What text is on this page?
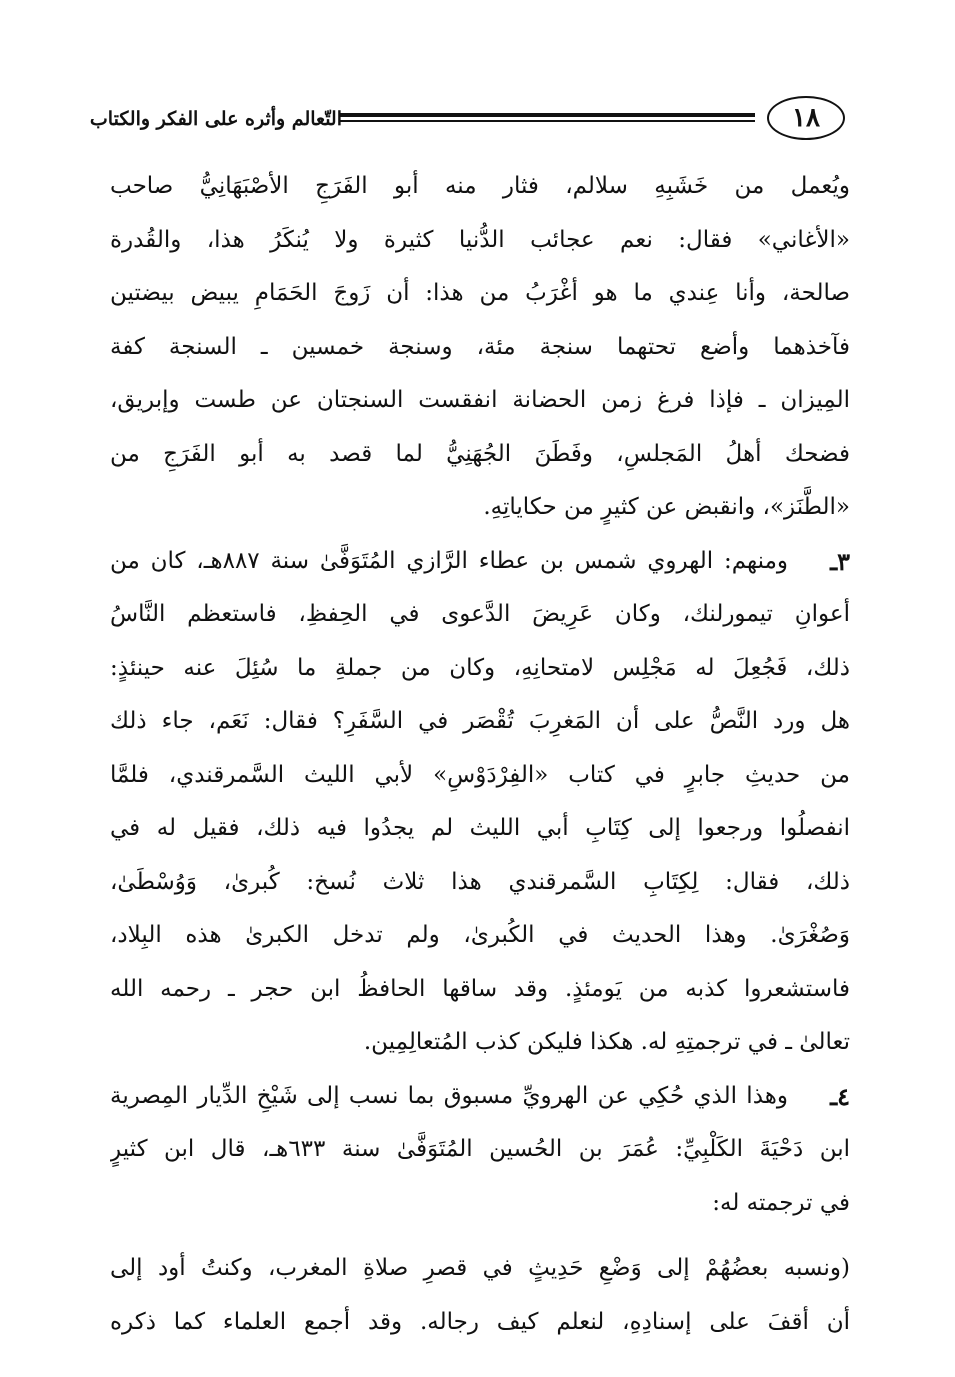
١٨
التّعالم وأثره على الفكر والكتاب
ويُعمل من خَشَبِهِ سلالم، فثار منه أبو الفَرَجِ الأصْبَهَانِيُّ صاحب
«الأغاني» فقال: نعم عجائب الدُّنيا كثيرة ولا يُنكَرُ هذا، والقُدرة
صالحة، وأنا عِندي ما هو أغْرَبُ من هذا: أن زَوجَ الحَمَامِ يبيض بيضتين
فآخذهما وأضع تحتهما سنجة مئة، وسنجة خمسين ـ السنجة كفة
المِيزان ـ فإذا فرغ زمن الحضانة انفقست السنجتان عن طست وإبريق،
فضحك أهلُ المَجلسِ، وفَطَنَ الجُهَنِيُّ لما قصد به أبو الفَرَجِ من
«الطَّنَز»، وانقبض عن كثيرٍ من حكاياتِهِ.
٣ـ
ومنهم: الهروي شمس بن عطاء الرَّازي المُتَوَفَّىٰ سنة ٨٨٧هـ، كان من
أعوانِ تيمورلنك، وكان عَرِيضَ الدَّعوى في الحِفظِ، فاستعظم النَّاسُ
ذلك، فَجُعِلَ له مَجْلِس لامتحانِهِ، وكان من جملةِ ما سُئِلَ عنه حينئذٍ:
هل ورد النَّصُّ على أن المَغرِبَ تُقْصَر في السَّفَرِ؟ فقال: نَعَم، جاء ذلك
من حديثِ جابرٍ في كتاب «الفِرْدَوْسِ» لأبي الليث السَّمرقندي، فلمَّا
انفصلُوا ورجعوا إلى كِتَابِ أبي الليث لم يجدُوا فيه ذلك، فقيل له في
ذلك، فقال: لِكِتَابِ السَّمرقندي هذا ثلاث نُسخ: كُبرىٰ، وَوُسْطَىٰ،
وَصُغْرَىٰ. وهذا الحديث في الكُبرىٰ، ولم تدخل الكبرىٰ هذه البِلاد،
فاستشعروا كذبه من يَومئذٍ. وقد ساقها الحافظُ ابن حجر ـ رحمه الله
تعالىٰ ـ في ترجمتِهِ له. هكذا فليكن كذب المُتعالِمِين.
٤ـ
وهذا الذي حُكِي عن الهرويِّ مسبوق بما نسب إلى شَيْخِ الدِّيار المِصرية
ابن دَحْيَةَ الكَلْبِيِّ: عُمَرَ بن الحُسين المُتَوَفَّىٰ سنة ٦٣٣هـ، قال ابن كثيرٍ
في ترجمته له:
(ونسبه بعضُهُمْ إلى وَضْعِ حَدِيثٍ في قصرِ صلاةِ المغرب، وكنتُ أود إلى
أن أقفَ على إسنادِهِ، لنعلم كيف رجاله. وقد أجمع العلماء كما ذكره
